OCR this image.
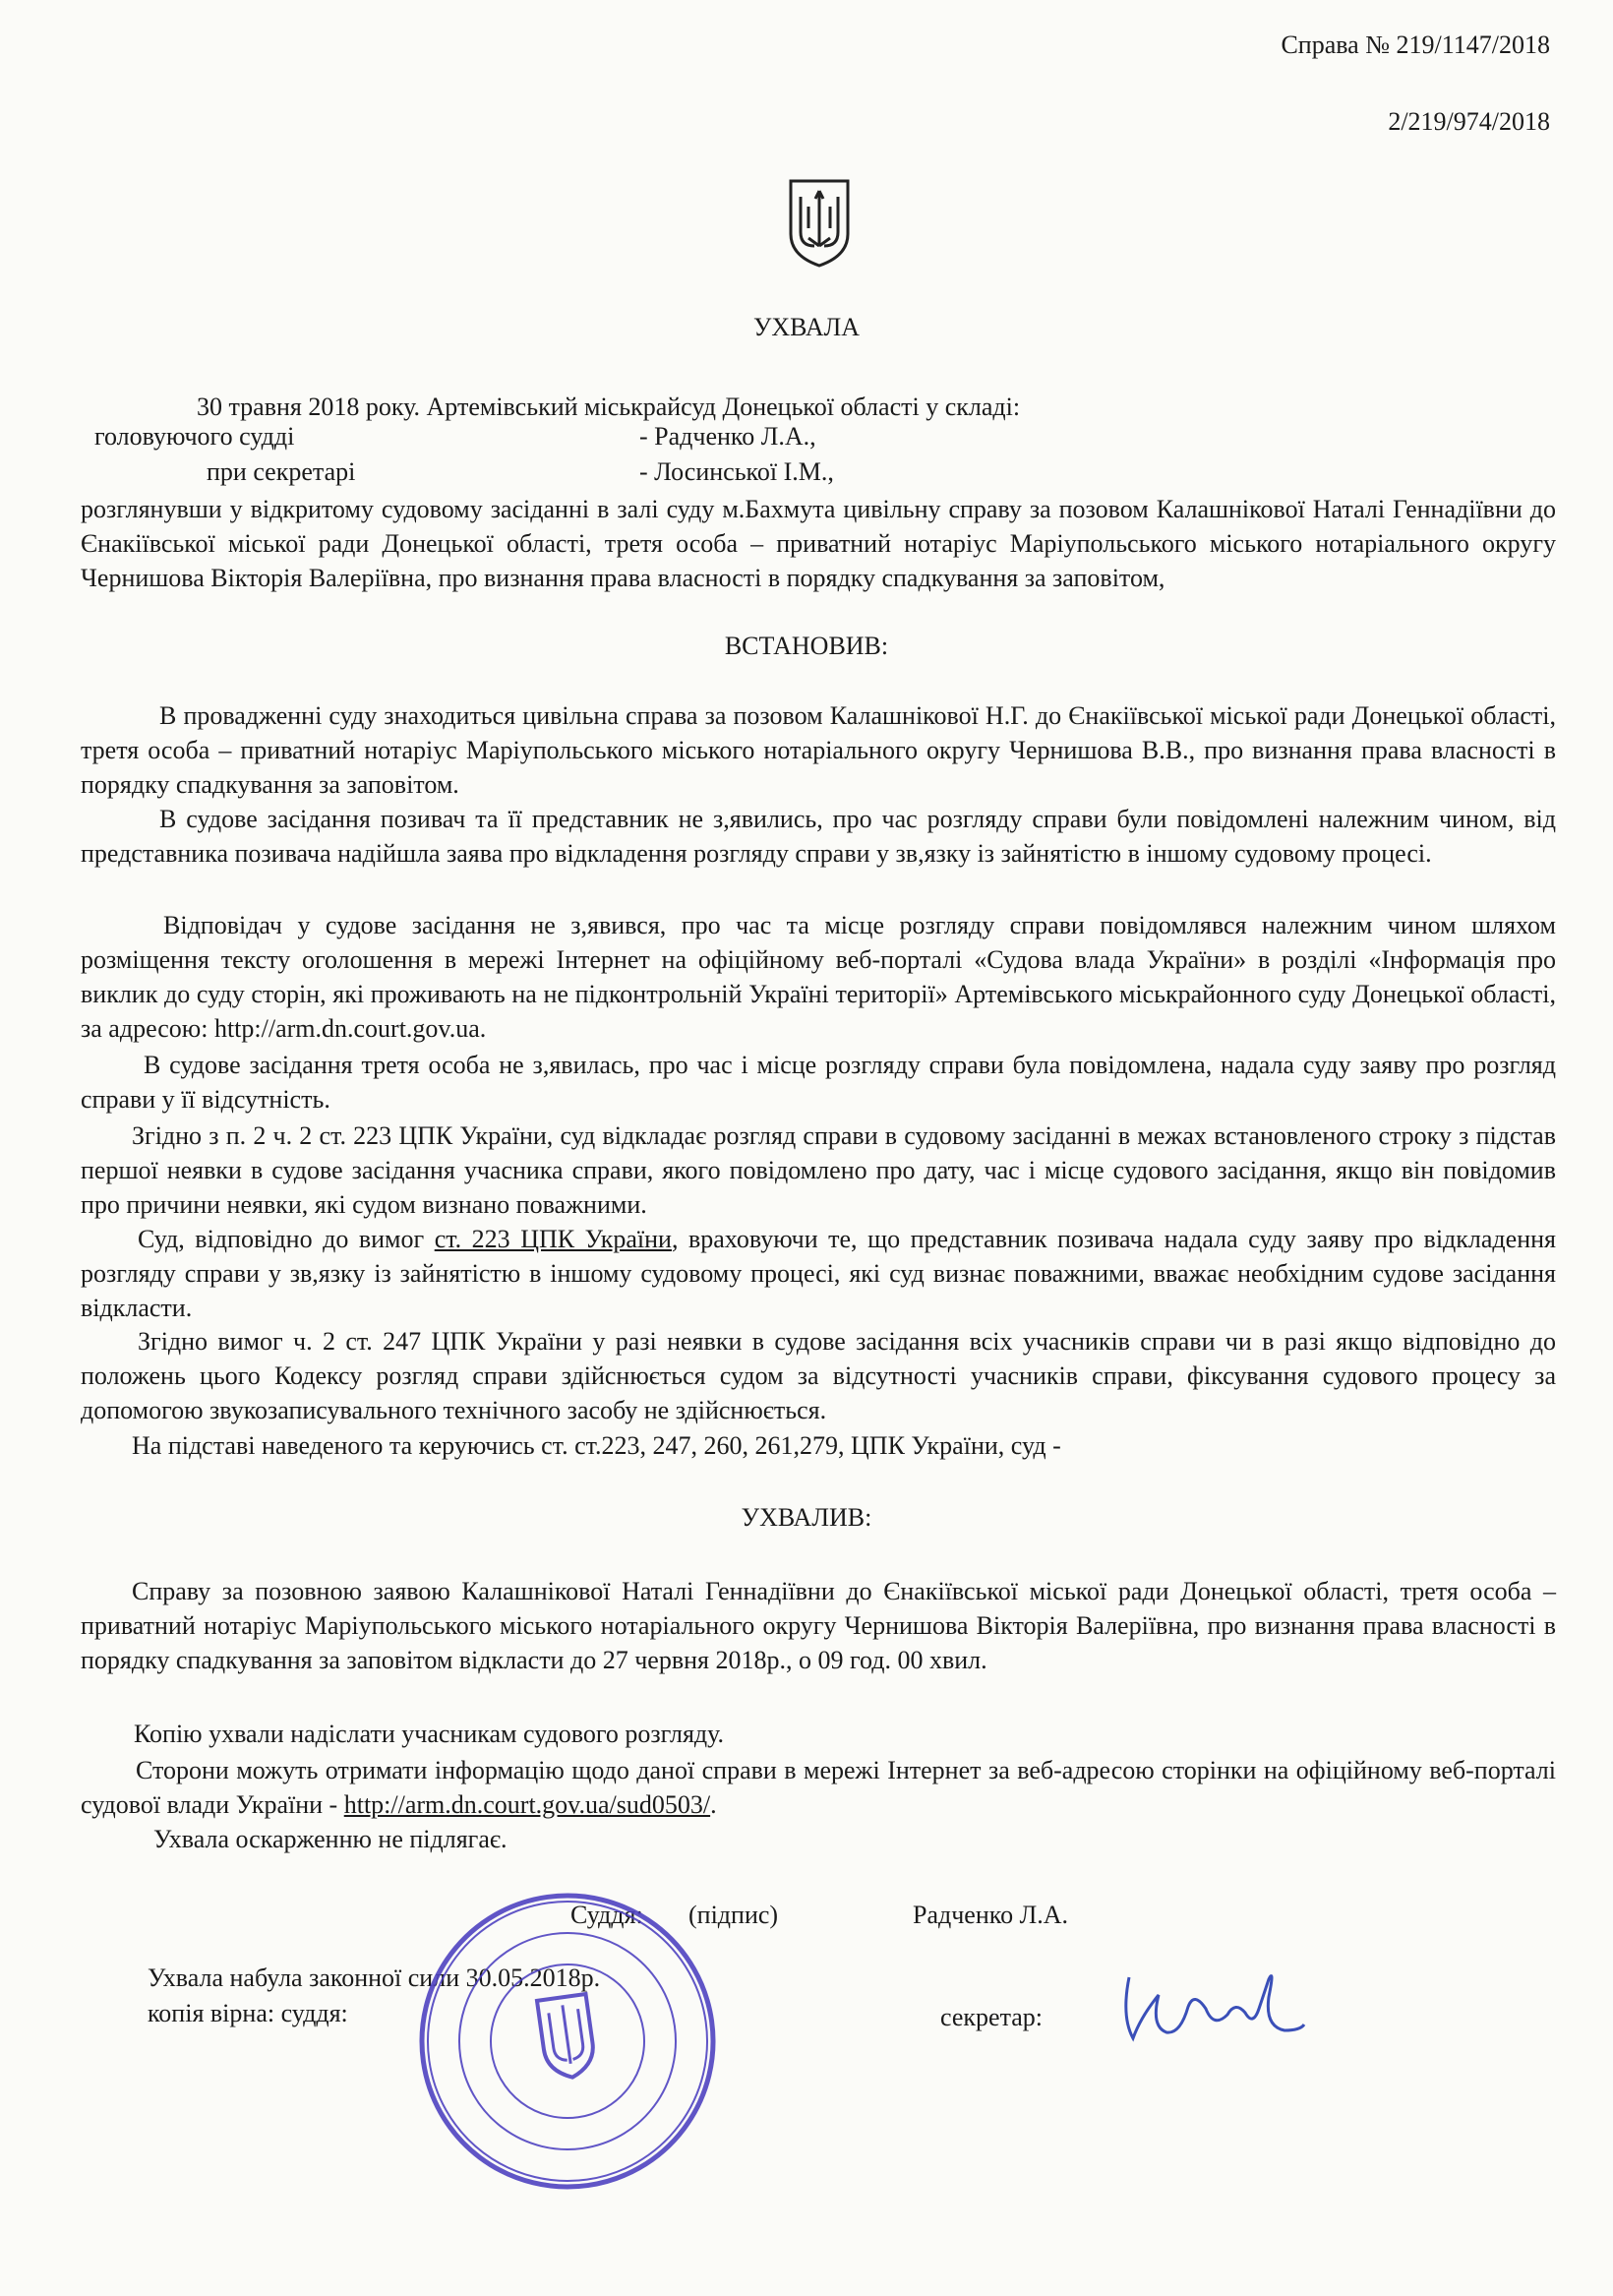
Справа № 219/1147/2018
2/219/974/2018
УХВАЛА
30 травня 2018 року. Артемівський міськрайсуд Донецької області у складі:
головуючого судді	- Радченко Л.А.,
при секретарі	- Лосинської І.М.,
розглянувши у відкритому судовому засіданні в залі суду м.Бахмута цивільну справу за позовом Калашнікової Наталі Геннадіївни до Єнакіївської міської ради Донецької області, третя особа – приватний нотаріус Маріупольського міського нотаріального округу Чернишова Вікторія Валеріївна, про визнання права власності в порядку спадкування за заповітом,
ВСТАНОВИВ:
В провадженні суду знаходиться цивільна справа за позовом Калашнікової Н.Г. до Єнакіївської міської ради Донецької області, третя особа – приватний нотаріус Маріупольського міського нотаріального округу Чернишова В.В., про визнання права власності в порядку спадкування за заповітом.
В судове засідання позивач та її представник не з,явились, про час розгляду справи були повідомлені належним чином, від представника позивача надійшла заява про відкладення розгляду справи у зв,язку із зайнятістю в іншому судовому процесі.
Відповідач у судове засідання не з,явився, про час та місце розгляду справи повідомлявся належним чином шляхом розміщення тексту оголошення в мережі Інтернет на офіційному веб-порталі «Судова влада України» в розділі «Інформація про виклик до суду сторін, які проживають на не підконтрольній Україні території» Артемівського міськрайонного суду Донецької області, за адресою: http://arm.dn.court.gov.ua.
В судове засідання третя особа не з,явилась, про час і місце розгляду справи була повідомлена, надала суду заяву про розгляд справи у її відсутність.
Згідно з п. 2 ч. 2 ст. 223 ЦПК України, суд відкладає розгляд справи в судовому засіданні в межах встановленого строку з підстав першої неявки в судове засідання учасника справи, якого повідомлено про дату, час і місце судового засідання, якщо він повідомив про причини неявки, які судом визнано поважними.
Суд, відповідно до вимог ст. 223 ЦПК України, враховуючи те, що представник позивача надала суду заяву про відкладення розгляду справи у зв,язку із зайнятістю в іншому судовому процесі, які суд визнає поважними, вважає необхідним судове засідання відкласти.
Згідно вимог ч. 2 ст. 247 ЦПК України у разі неявки в судове засідання всіх учасників справи чи в разі якщо відповідно до положень цього Кодексу розгляд справи здійснюється судом за відсутності учасників справи, фіксування судового процесу за допомогою звукозаписувального технічного засобу не здійснюється.
На підставі наведеного та керуючись ст. ст.223, 247, 260, 261,279, ЦПК України, суд -
УХВАЛИВ:
Справу за позовною заявою Калашнікової Наталі Геннадіївни до Єнакіївської міської ради Донецької області, третя особа – приватний нотаріус Маріупольського міського нотаріального округу Чернишова Вікторія Валеріївна, про визнання права власності в порядку спадкування за заповітом відкласти до 27 червня 2018р., о 09 год. 00 хвил.
Копію ухвали надіслати учасникам судового розгляду.
Сторони можуть отримати інформацію щодо даної справи в мережі Інтернет за веб-адресою сторінки на офіційному веб-порталі судової влади України - http://arm.dn.court.gov.ua/sud0503/.
Ухвала оскарженню не підлягає.
Суддя: (підпис)	Радченко Л.А.
Ухвала набула законної сили 30.05.2018р.
копія вірна: суддя:	секретар:
